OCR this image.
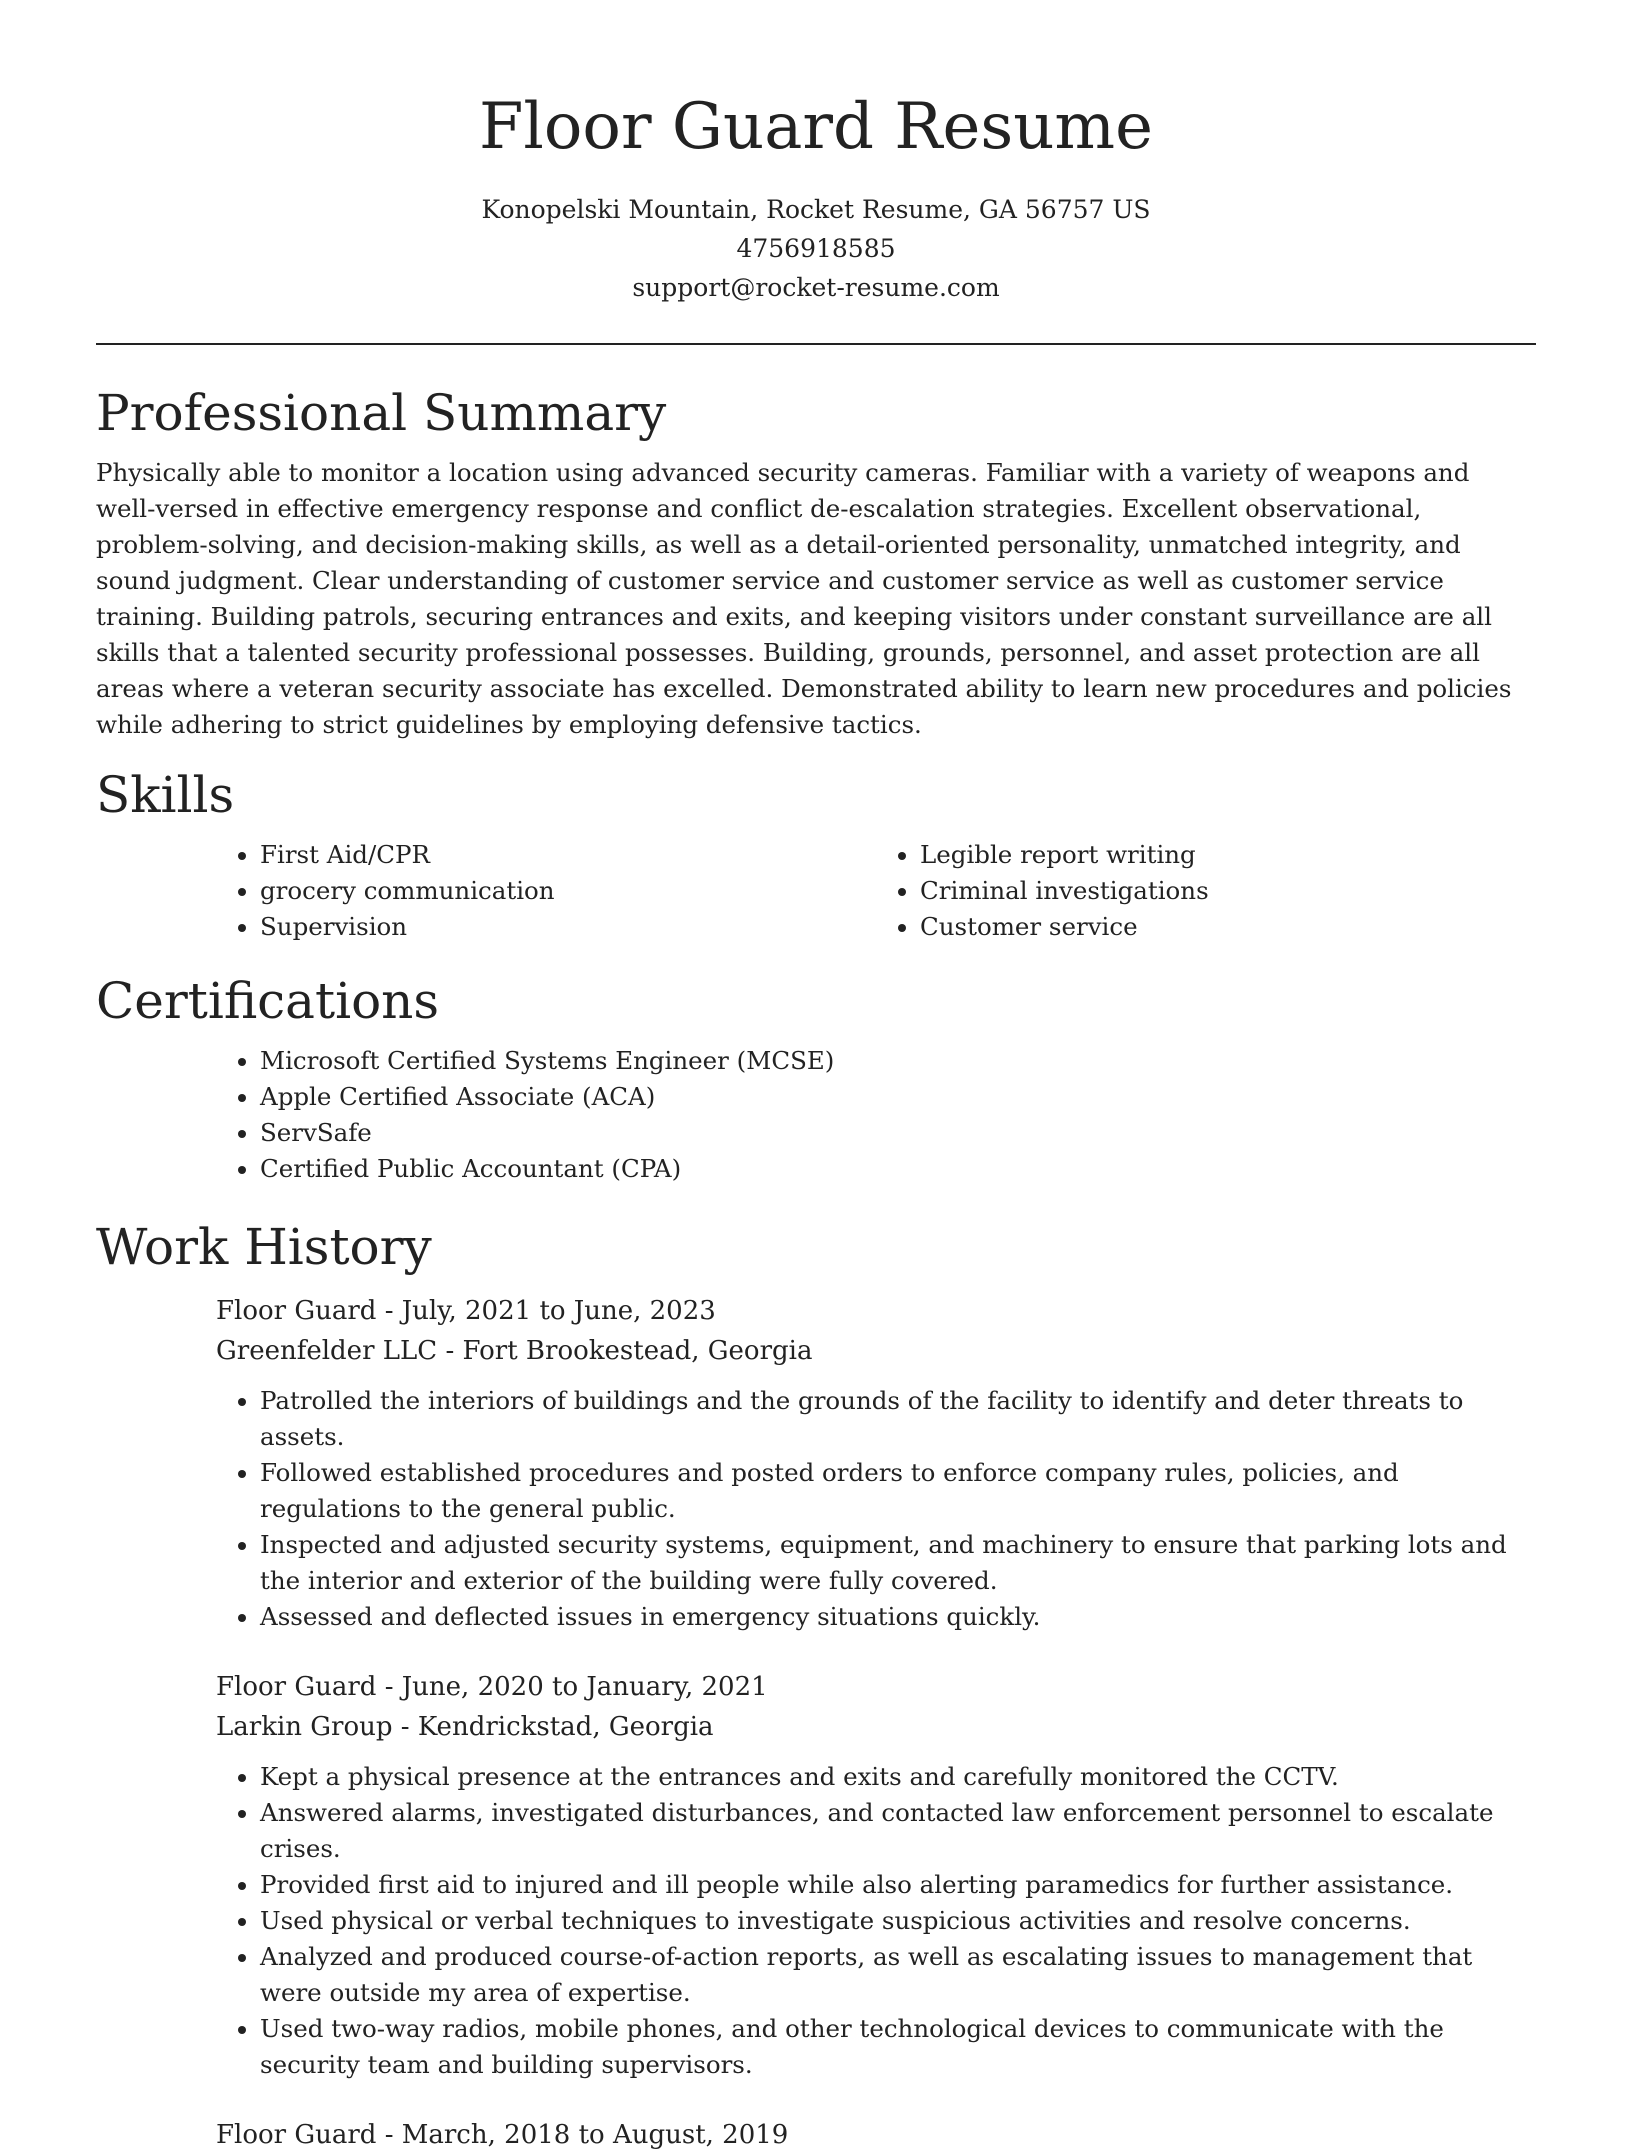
Floor Guard Resume
Konopelski Mountain, Rocket Resume, GA 56757 US
4756918585
support@rocket-resume.com
Professional Summary

Physically able to monitor a location using advanced security cameras. Familiar with a variety of weapons and well-versed in effective emergency response and conflict de-escalation strategies. Excellent observational, problem-solving, and decision-making skills, as well as a detail-oriented personality, unmatched integrity, and sound judgment. Clear understanding of customer service and customer service as well as customer service training. Building patrols, securing entrances and exits, and keeping visitors under constant surveillance are all skills that a talented security professional possesses. Building, grounds, personnel, and asset protection are all areas where a veteran security associate has excelled. Demonstrated ability to learn new procedures and policies while adhering to strict guidelines by employing defensive tactics.

Skills
• First Aid/CPR
• grocery communication
• Supervision
• Legible report writing
• Criminal investigations
• Customer service
Certifications
• Microsoft Certified Systems Engineer (MCSE)
• Apple Certified Associate (ACA)
• ServSafe
• Certified Public Accountant (CPA)
Work History
Floor Guard - July, 2021 to June, 2023
Greenfelder LLC - Fort Brookestead, Georgia
• Patrolled the interiors of buildings and the grounds of the facility to identify and deter threats to assets.
• Followed established procedures and posted orders to enforce company rules, policies, and regulations to the general public.
• Inspected and adjusted security systems, equipment, and machinery to ensure that parking lots and the interior and exterior of the building were fully covered.
• Assessed and deflected issues in emergency situations quickly.
Floor Guard - June, 2020 to January, 2021
Larkin Group - Kendrickstad, Georgia
• Kept a physical presence at the entrances and exits and carefully monitored the CCTV.
• Answered alarms, investigated disturbances, and contacted law enforcement personnel to escalate crises.
• Provided first aid to injured and ill people while also alerting paramedics for further assistance.
• Used physical or verbal techniques to investigate suspicious activities and resolve concerns.
• Analyzed and produced course-of-action reports, as well as escalating issues to management that were outside my area of expertise.
• Used two-way radios, mobile phones, and other technological devices to communicate with the security team and building supervisors.
Floor Guard - March, 2018 to August, 2019
